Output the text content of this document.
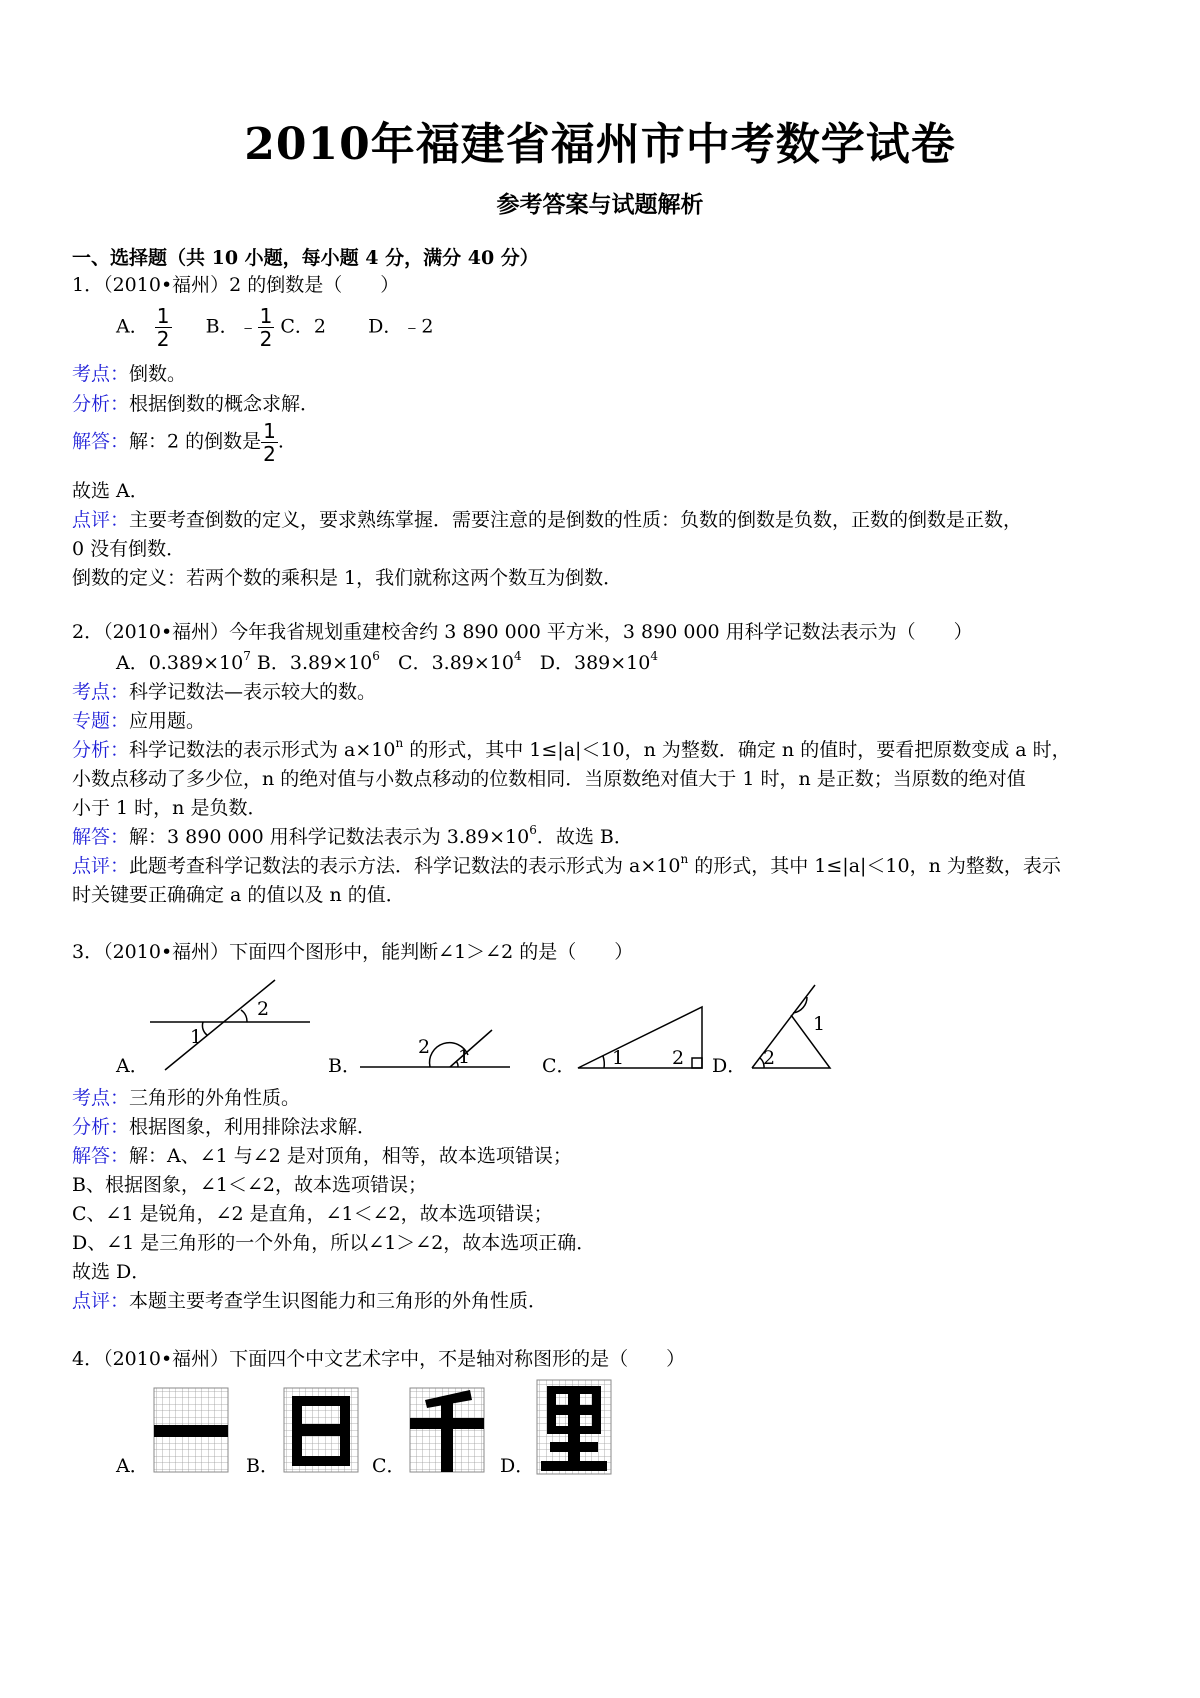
2010年福建省福州市中考数学试卷
参考答案与试题解析
一、选择题（共 10 小题，每小题 4 分，满分 40 分）
1．（2010•福州）2 的倒数是（　　）
A． $\frac{1}{2}$ B．﹣ $\frac{1}{2}$ C．2 D．﹣2
考点：倒数。
分析：根据倒数的概念求解．
解答：解：2 的倒数是 $\frac{1}{2}$ .
故选 A．
点评：主要考查倒数的定义，要求熟练掌握．需要注意的是倒数的性质：负数的倒数是负数，正数的倒数是正数，
0 没有倒数．
倒数的定义：若两个数的乘积是 1，我们就称这两个数互为倒数．
2．（2010•福州）今年我省规划重建校舍约 3 890 000 平方米，3 890 000 用科学记数法表示为（　　）
A．$0.389\times 10^7$ B．$3.89\times 10^6$ C．$3.89\times 10^4$ D．$389\times 10^4$
考点：科学记数法—表示较大的数。
专题：应用题。
分析：科学记数法的表示形式为 $a\times 10^n$ 的形式，其中 1≤|a|＜10，n 为整数．确定 n 的值时，要看把原数变成 a 时，
小数点移动了多少位，n 的绝对值与小数点移动的位数相同．当原数绝对值大于 1 时，n 是正数；当原数的绝对值
小于 1 时，n 是负数．
解答：解：3 890 000 用科学记数法表示为 $3.89\times 10^6$．故选 B．
点评：此题考查科学记数法的表示方法．科学记数法的表示形式为 $a\times 10^n$ 的形式，其中 1≤|a|＜10，n 为整数，表示
时关键要正确确定 a 的值以及 n 的值．
3．（2010•福州）下面四个图形中，能判断∠1＞∠2 的是（　　）
1
2
2 1	1	2
1
2
A．	B．	C．	D．
考点：三角形的外角性质。
分析：根据图象，利用排除法求解．
解答：解：A、∠1 与∠2 是对顶角，相等，故本选项错误；
B、根据图象，∠1＜∠2，故本选项错误；
C、∠1 是锐角，∠2 是直角，∠1＜∠2，故本选项错误；
D、∠1 是三角形的一个外角，所以∠1＞∠2，故本选项正确．
故选 D．
点评：本题主要考查学生识图能力和三角形的外角性质．
4．（2010•福州）下面四个中文艺术字中，不是轴对称图形的是（　　）
A．	B．	C．	D．
